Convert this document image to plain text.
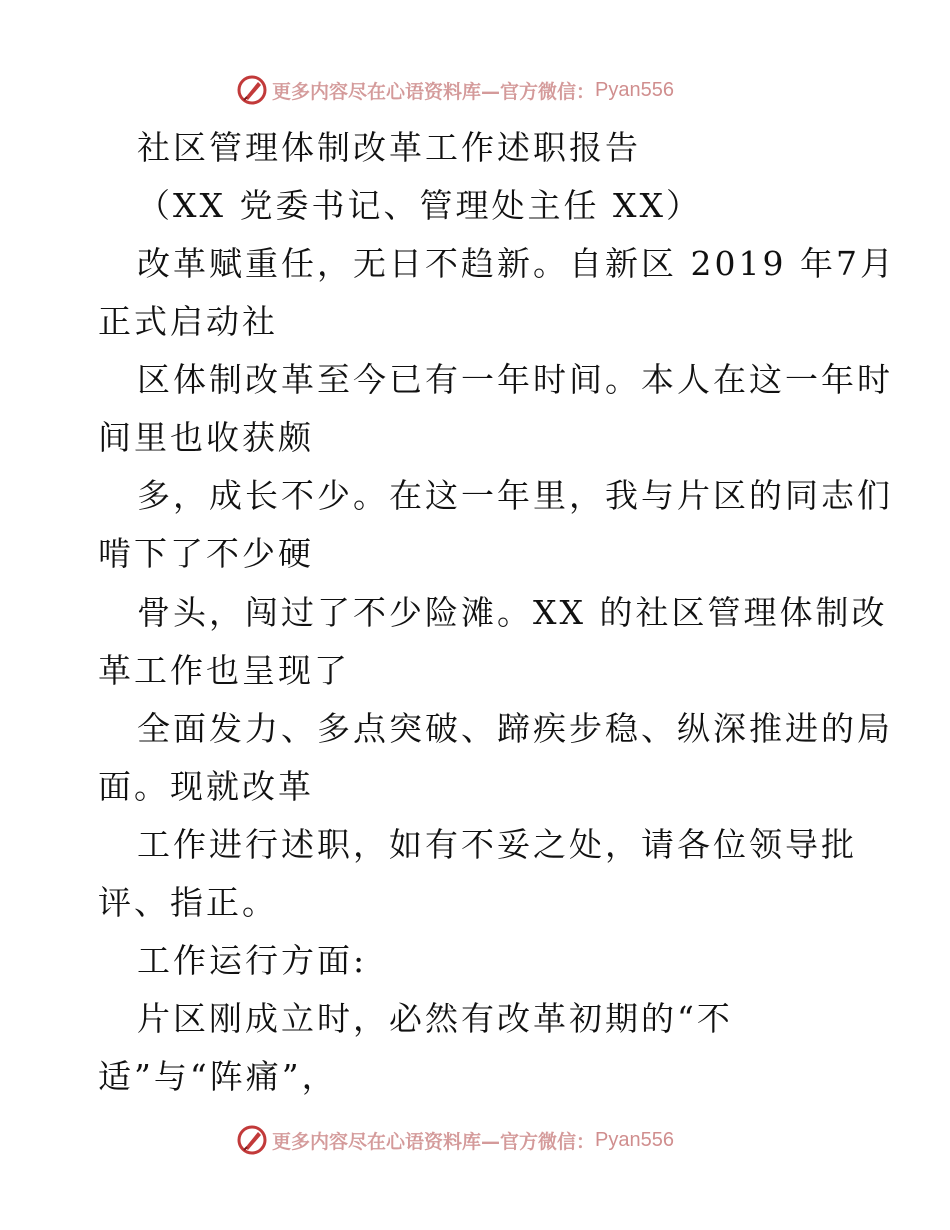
更多内容尽在心语资料库—官方微信： Pyan556
社区管理体制改革工作述职报告
（XX 党委书记、管理处主任 XX）
改革赋重任，无日不趋新。自新区 2019 年7月
正式启动社
区体制改革至今已有一年时间。本人在这一年时
间里也收获颇
多，成长不少。在这一年里，我与片区的同志们
啃下了不少硬
骨头，闯过了不少险滩。XX 的社区管理体制改
革工作也呈现了
全面发力、多点突破、蹄疾步稳、纵深推进的局
面。现就改革
工作进行述职，如有不妥之处，请各位领导批
评、指正。
工作运行方面:
片区刚成立时，必然有改革初期的“不
适”与“阵痛”，
更多内容尽在心语资料库—官方微信： Pyan556
